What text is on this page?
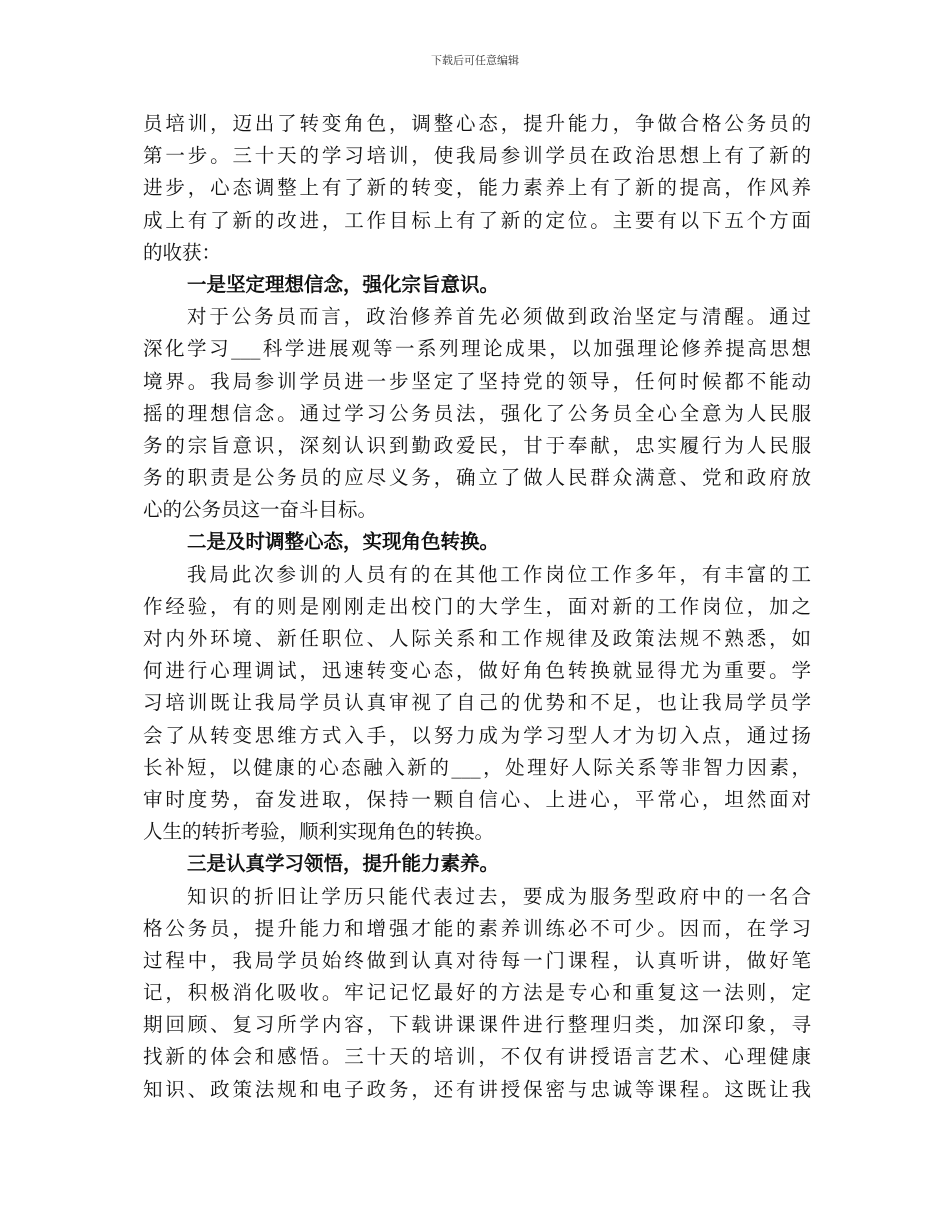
下载后可任意编辑
员培训，迈出了转变角色，调整心态，提升能力，争做合格公务员的
第一步。三十天的学习培训，使我局参训学员在政治思想上有了新的
进步，心态调整上有了新的转变，能力素养上有了新的提高，作风养
成上有了新的改进，工作目标上有了新的定位。主要有以下五个方面
的收获：
一是坚定理想信念，强化宗旨意识。
对于公务员而言，政治修养首先必须做到政治坚定与清醒。通过
深化学习___科学进展观等一系列理论成果，以加强理论修养提高思想
境界。我局参训学员进一步坚定了坚持党的领导，任何时候都不能动
摇的理想信念。通过学习公务员法，强化了公务员全心全意为人民服
务的宗旨意识，深刻认识到勤政爱民，甘于奉献，忠实履行为人民服
务的职责是公务员的应尽义务，确立了做人民群众满意、党和政府放
心的公务员这一奋斗目标。
二是及时调整心态，实现角色转换。
我局此次参训的人员有的在其他工作岗位工作多年，有丰富的工
作经验，有的则是刚刚走出校门的大学生，面对新的工作岗位，加之
对内外环境、新任职位、人际关系和工作规律及政策法规不熟悉，如
何进行心理调试，迅速转变心态，做好角色转换就显得尤为重要。学
习培训既让我局学员认真审视了自己的优势和不足，也让我局学员学
会了从转变思维方式入手，以努力成为学习型人才为切入点，通过扬
长补短，以健康的心态融入新的___，处理好人际关系等非智力因素，
审时度势，奋发进取，保持一颗自信心、上进心，平常心，坦然面对
人生的转折考验，顺利实现角色的转换。
三是认真学习领悟，提升能力素养。
知识的折旧让学历只能代表过去，要成为服务型政府中的一名合
格公务员，提升能力和增强才能的素养训练必不可少。因而，在学习
过程中，我局学员始终做到认真对待每一门课程，认真听讲，做好笔
记，积极消化吸收。牢记记忆最好的方法是专心和重复这一法则，定
期回顾、复习所学内容，下载讲课课件进行整理归类，加深印象，寻
找新的体会和感悟。三十天的培训，不仅有讲授语言艺术、心理健康
知识、政策法规和电子政务，还有讲授保密与忠诚等课程。这既让我
